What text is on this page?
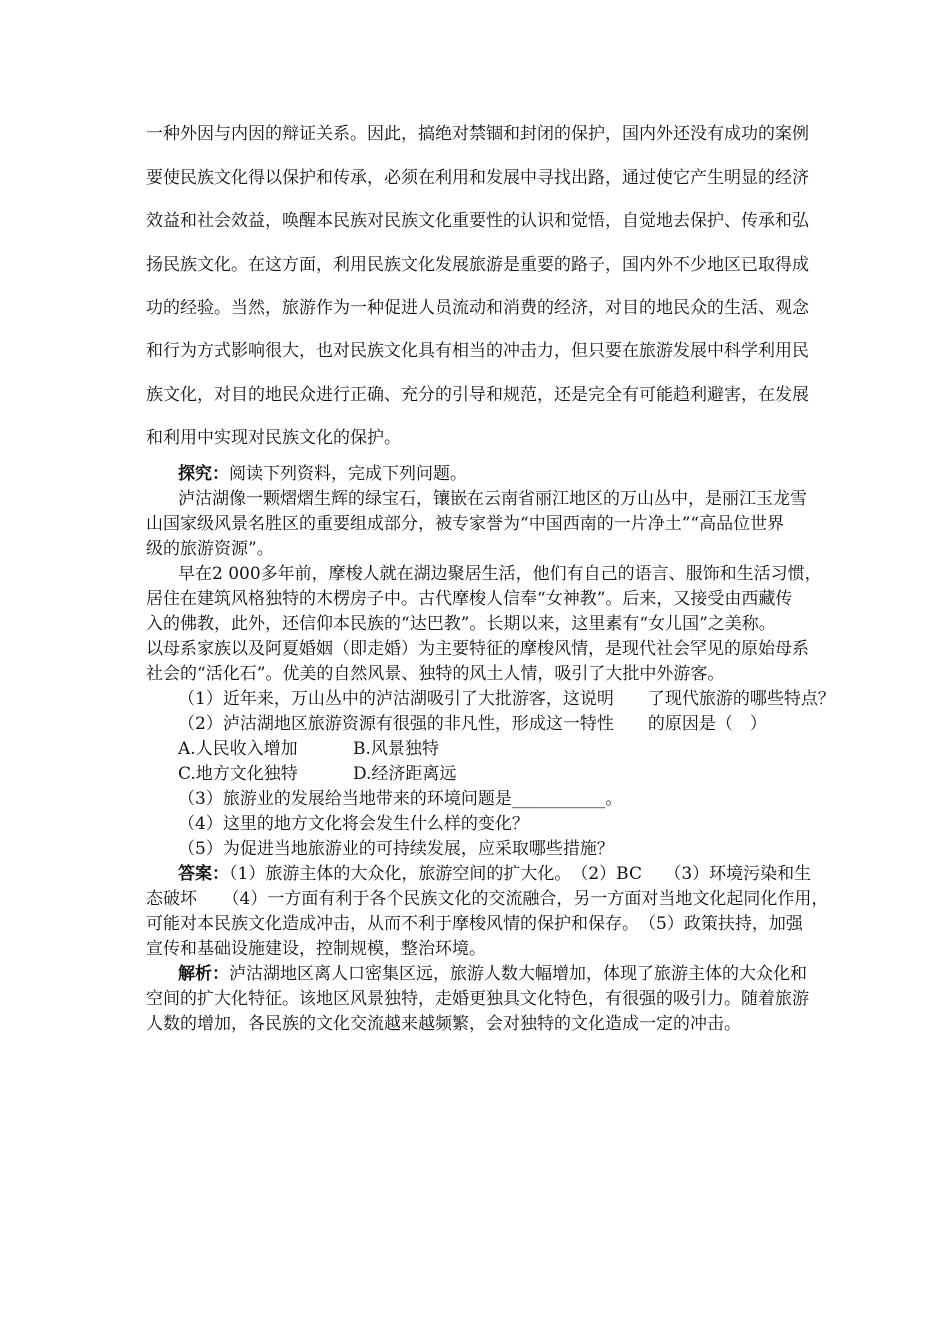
一种外因与内因的辩证关系。因此，搞绝对禁锢和封闭的保护，国内外还没有成功的案例
要使民族文化得以保护和传承，必须在利用和发展中寻找出路，通过使它产生明显的经济
效益和社会效益，唤醒本民族对民族文化重要性的认识和觉悟，自觉地去保护、传承和弘
扬民族文化。在这方面，利用民族文化发展旅游是重要的路子，国内外不少地区已取得成
功的经验。当然，旅游作为一种促进人员流动和消费的经济，对目的地民众的生活、观念
和行为方式影响很大，也对民族文化具有相当的冲击力，但只要在旅游发展中科学利用民
族文化，对目的地民众进行正确、充分的引导和规范，还是完全有可能趋利避害，在发展
和利用中实现对民族文化的保护。
探究：阅读下列资料，完成下列问题。
泸沽湖像一颗熠熠生辉的绿宝石，镶嵌在云南省丽江地区的万山丛中，是丽江玉龙雪
山国家级风景名胜区的重要组成部分，被专家誉为“中国西南的一片净土”“高品位世界
级的旅游资源”。
早在2 000多年前，摩梭人就在湖边聚居生活，他们有自己的语言、服饰和生活习惯，
居住在建筑风格独特的木楞房子中。古代摩梭人信奉“女神教”。后来，又接受由西藏传
入的佛教，此外，还信仰本民族的“达巴教”。长期以来，这里素有“女儿国”之美称。
以母系家族以及阿夏婚姻（即走婚）为主要特征的摩梭风情，是现代社会罕见的原始母系
社会的“活化石”。优美的自然风景、独特的风土人情，吸引了大批中外游客。
（1）近年来，万山丛中的泸沽湖吸引了大批游客，这说明　　了现代旅游的哪些特点？
（2）泸沽湖地区旅游资源有很强的非凡性，形成这一特性　　的原因是（　）
A.人民收入增加	B.风景独特
C.地方文化独特	D.经济距离远
（3）旅游业的发展给当地带来的环境问题是___________。
（4）这里的地方文化将会发生什么样的变化？
（5）为促进当地旅游业的可持续发展，应采取哪些措施？
答案：（1）旅游主体的大众化，旅游空间的扩大化。　（2）BC　 （3）环境污染和生
态破坏　　（4）一方面有利于各个民族文化的交流融合，另一方面对当地文化起同化作用，
可能对本民族文化造成冲击，从而不利于摩梭风情的保护和保存。　（5）政策扶持，加强
宣传和基础设施建设，控制规模，整治环境。
解析：泸沽湖地区离人口密集区远，旅游人数大幅增加，体现了旅游主体的大众化和
空间的扩大化特征。该地区风景独特，走婚更独具文化特色，有很强的吸引力。随着旅游
人数的增加，各民族的文化交流越来越频繁，会对独特的文化造成一定的冲击。
